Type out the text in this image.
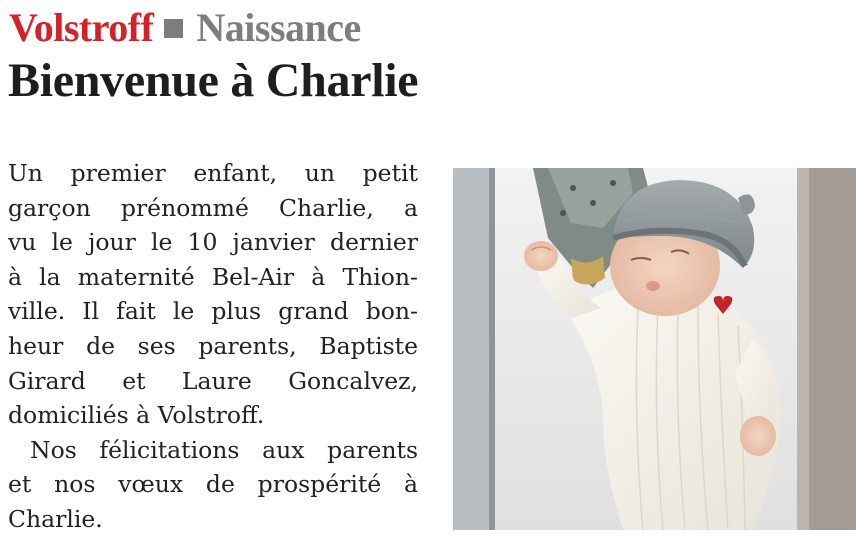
Volstroff Naissance
Bienvenue à Charlie
Un premier enfant, un petit
garçon prénommé Charlie, a
vu le jour le 10 janvier dernier
à la maternité Bel-Air à Thion-
ville. Il fait le plus grand bon-
heur de ses parents, Baptiste
Girard et Laure Goncalvez,
domiciliés à Volstroff.
Nos félicitations aux parents
et nos vœux de prospérité à
Charlie.
